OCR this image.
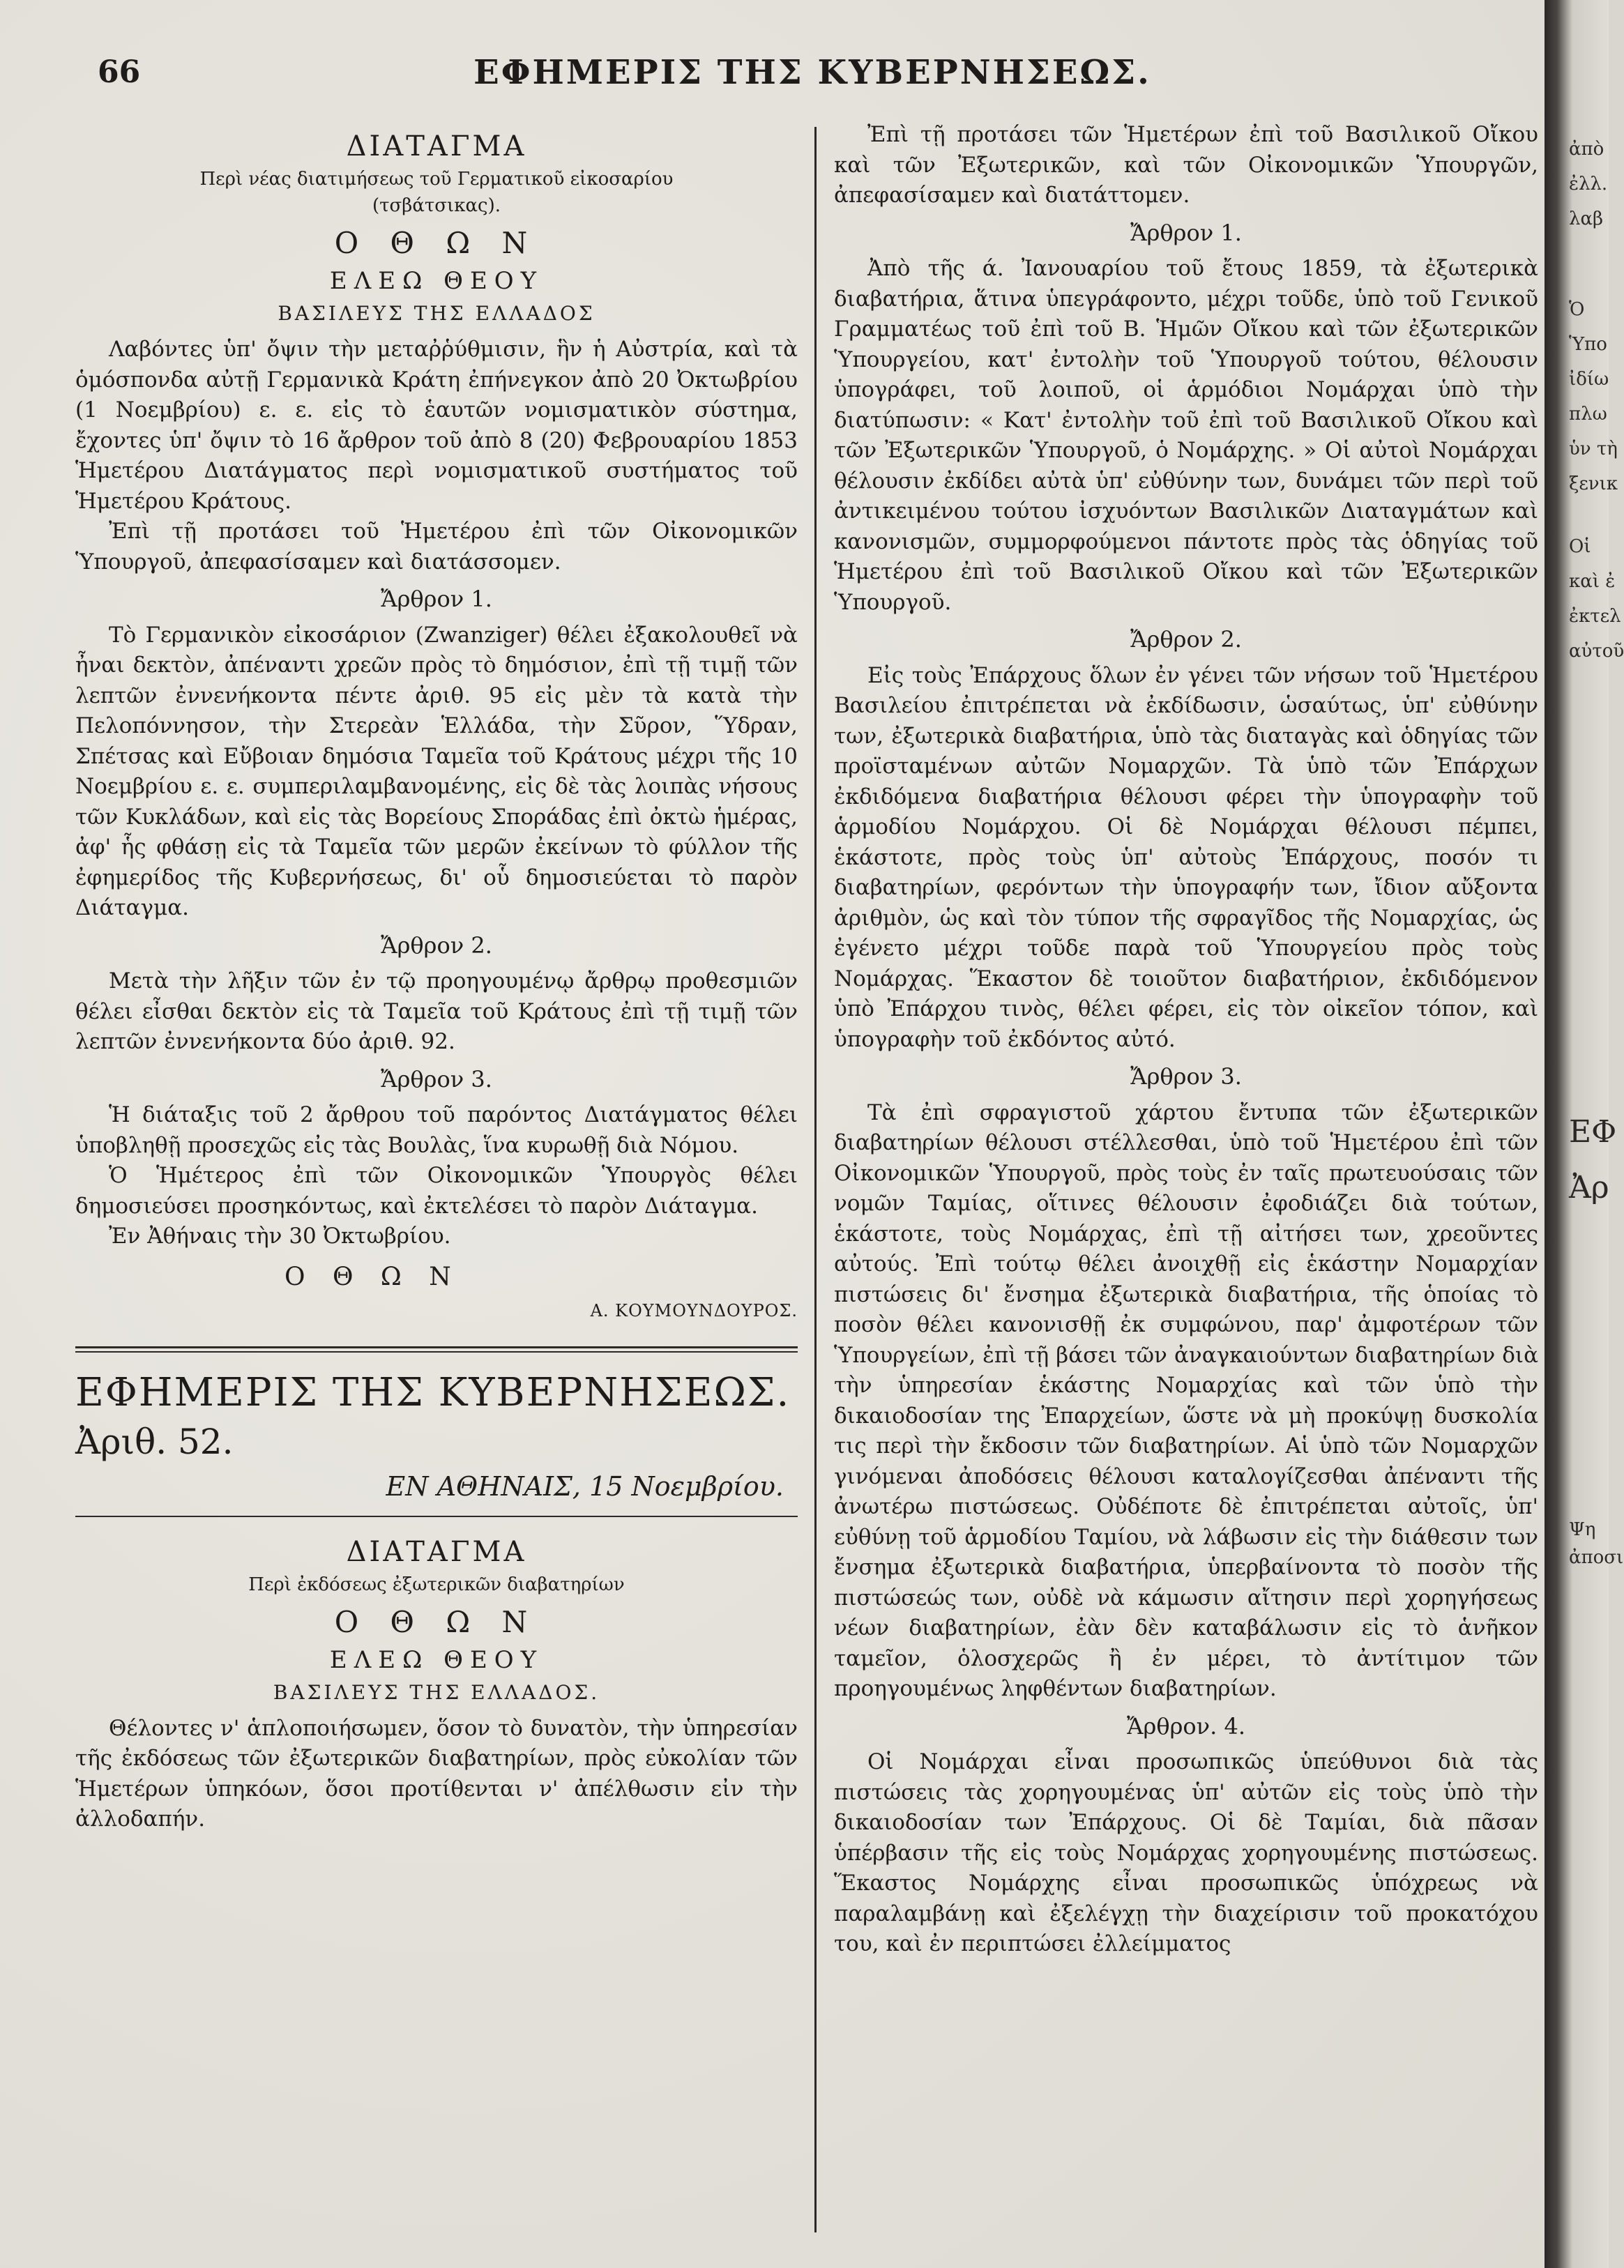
66	ΕΦΗΜΕΡΙΣ ΤΗΣ ΚΥΒΕΡΝΗΣΕΩΣ.
ΔΙΑΤΑΓΜΑ
Περὶ νέας διατιμήσεως τοῦ Γερματικοῦ εἰκοσαρίου (τσβάτσικας).
Ο Θ Ω Ν
ΕΛΕΩ ΘΕΟΥ
ΒΑΣΙΛΕΥΣ ΤΗΣ ΕΛΛΑΔΟΣ

Λαβόντες ὑπ' ὄψιν τὴν μεταῤῥύθμισιν, ἣν ἡ Αὐστρία, καὶ τὰ ὁμόσπονδα αὐτῇ Γερμανικὰ Κράτη ἐπήνεγκον ἀπὸ 20 Ὀκτωβρίου (1 Νοεμβρίου) ε. ε. εἰς τὸ ἑαυτῶν νομισματικὸν σύστημα, ἔχοντες ὑπ' ὄψιν τὸ 16 ἄρθρον τοῦ ἀπὸ 8 (20) Φεβρουαρίου 1853 Ἡμετέρου Διατάγματος περὶ νομισματικοῦ συστήματος τοῦ Ἡμετέρου Κράτους.

Ἐπὶ τῇ προτάσει τοῦ Ἡμετέρου ἐπὶ τῶν Οἰκονομικῶν Ὑπουργοῦ, ἀπεφασίσαμεν καὶ διατάσσομεν.

Ἄρθρον 1.

Τὸ Γερμανικὸν εἰκοσάριον (Zwanziger) θέλει ἐξακολουθεῖ νὰ ἦναι δεκτὸν, ἀπέναντι χρεῶν πρὸς τὸ δημόσιον, ἐπὶ τῇ τιμῇ τῶν λεπτῶν ἐννενήκοντα πέντε ἀριθ. 95 εἰς μὲν τὰ κατὰ τὴν Πελοπόννησον, τὴν Στερεὰν Ἑλλάδα, τὴν Σῦρον, Ὕδραν, Σπέτσας καὶ Εὔβοιαν δημόσια Ταμεῖα τοῦ Κράτους μέχρι τῆς 10 Νοεμβρίου ε. ε. συμπεριλαμβανομένης, εἰς δὲ τὰς λοιπὰς νήσους τῶν Κυκλάδων, καὶ εἰς τὰς Βορείους Σποράδας ἐπὶ ὀκτὼ ἡμέρας, ἀφ' ἧς φθάσῃ εἰς τὰ Ταμεῖα τῶν μερῶν ἐκείνων τὸ φύλλον τῆς ἐφημερίδος τῆς Κυβερνήσεως, δι' οὗ δημοσιεύεται τὸ παρὸν Διάταγμα.

Ἄρθρον 2.

Μετὰ τὴν λῆξιν τῶν ἐν τῷ προηγουμένῳ ἄρθρῳ προθεσμιῶν θέλει εἶσθαι δεκτὸν εἰς τὰ Ταμεῖα τοῦ Κράτους ἐπὶ τῇ τιμῇ τῶν λεπτῶν ἐννενήκοντα δύο ἀριθ. 92.

Ἄρθρον 3.

Ἡ διάταξις τοῦ 2 ἄρθρου τοῦ παρόντος Διατάγματος θέλει ὑποβληθῇ προσεχῶς εἰς τὰς Βουλὰς, ἵνα κυρωθῇ διὰ Νόμου.

Ὁ Ἡμέτερος ἐπὶ τῶν Οἰκονομικῶν Ὑπουργὸς θέλει δημοσιεύσει προσηκόντως, καὶ ἐκτελέσει τὸ παρὸν Διάταγμα.

Ἐν Ἀθήναις τὴν 30 Ὀκτωβρίου.

Ο Θ Ω Ν
Α. ΚΟΥΜΟΥΝΔΟΥΡΟΣ.
ΕΦΗΜΕΡΙΣ ΤΗΣ ΚΥΒΕΡΝΗΣΕΩΣ.
Ἀριθ. 52.
ΕΝ ΑΘΗΝΑΙΣ, 15 Νοεμβρίου.
ΔΙΑΤΑΓΜΑ
Περὶ ἐκδόσεως ἐξωτερικῶν διαβατηρίων
Ο Θ Ω Ν
ΕΛΕΩ ΘΕΟΥ
ΒΑΣΙΛΕΥΣ ΤΗΣ ΕΛΛΑΔΟΣ.

Θέλοντες ν' ἁπλοποιήσωμεν, ὅσον τὸ δυνατὸν, τὴν ὑπηρεσίαν τῆς ἐκδόσεως τῶν ἐξωτερικῶν διαβατηρίων, πρὸς εὐκολίαν τῶν Ἡμετέρων ὑπηκόων, ὅσοι προτίθενται ν' ἀπέλθωσιν εἰν τὴν ἀλλοδαπήν.

Ἐπὶ τῇ προτάσει τῶν Ἡμετέρων ἐπὶ τοῦ Βασιλικοῦ Οἴκου καὶ τῶν Ἐξωτερικῶν, καὶ τῶν Οἰκονομικῶν Ὑπουργῶν, ἀπεφασίσαμεν καὶ διατάττομεν.

Ἄρθρον 1.

Ἀπὸ τῆς ά. Ἰανουαρίου τοῦ ἔτους 1859, τὰ ἐξωτερικὰ διαβατήρια, ἅτινα ὑπεγράφοντο, μέχρι τοῦδε, ὑπὸ τοῦ Γενικοῦ Γραμματέως τοῦ ἐπὶ τοῦ Β. Ἡμῶν Οἴκου καὶ τῶν ἐξωτερικῶν Ὑπουργείου, κατ' ἐντολὴν τοῦ Ὑπουργοῦ τούτου, θέλουσιν ὑπογράφει, τοῦ λοιποῦ, οἱ ἁρμόδιοι Νομάρχαι ὑπὸ τὴν διατύπωσιν: « Κατ' ἐντολὴν τοῦ ἐπὶ τοῦ Βασιλικοῦ Οἴκου καὶ τῶν Ἐξωτερικῶν Ὑπουργοῦ, ὁ Νομάρχης. » Οἱ αὐτοὶ Νομάρχαι θέλουσιν ἐκδίδει αὐτὰ ὑπ' εὐθύνην των, δυνάμει τῶν περὶ τοῦ ἀντικειμένου τούτου ἰσχυόντων Βασιλικῶν Διαταγμάτων καὶ κανονισμῶν, συμμορφούμενοι πάντοτε πρὸς τὰς ὁδηγίας τοῦ Ἡμετέρου ἐπὶ τοῦ Βασιλικοῦ Οἴκου καὶ τῶν Ἐξωτερικῶν Ὑπουργοῦ.

Ἄρθρον 2.

Εἰς τοὺς Ἐπάρχους ὅλων ἐν γένει τῶν νήσων τοῦ Ἡμετέρου Βασιλείου ἐπιτρέπεται νὰ ἐκδίδωσιν, ὡσαύτως, ὑπ' εὐθύνην των, ἐξωτερικὰ διαβατήρια, ὑπὸ τὰς διαταγὰς καὶ ὁδηγίας τῶν προϊσταμένων αὐτῶν Νομαρχῶν. Τὰ ὑπὸ τῶν Ἐπάρχων ἐκδιδόμενα διαβατήρια θέλουσι φέρει τὴν ὑπογραφὴν τοῦ ἁρμοδίου Νομάρχου. Οἱ δὲ Νομάρχαι θέλουσι πέμπει, ἑκάστοτε, πρὸς τοὺς ὑπ' αὐτοὺς Ἐπάρχους, ποσόν τι διαβατηρίων, φερόντων τὴν ὑπογραφήν των, ἴδιον αὔξοντα ἀριθμὸν, ὡς καὶ τὸν τύπον τῆς σφραγῖδος τῆς Νομαρχίας, ὡς ἐγένετο μέχρι τοῦδε παρὰ τοῦ Ὑπουργείου πρὸς τοὺς Νομάρχας. Ἕκαστον δὲ τοιοῦτον διαβατήριον, ἐκδιδόμενον ὑπὸ Ἐπάρχου τινὸς, θέλει φέρει, εἰς τὸν οἰκεῖον τόπον, καὶ ὑπογραφὴν τοῦ ἐκδόντος αὐτό.

Ἄρθρον 3.

Τὰ ἐπὶ σφραγιστοῦ χάρτου ἔντυπα τῶν ἐξωτερικῶν διαβατηρίων θέλουσι στέλλεσθαι, ὑπὸ τοῦ Ἡμετέρου ἐπὶ τῶν Οἰκονομικῶν Ὑπουργοῦ, πρὸς τοὺς ἐν ταῖς πρωτευούσαις τῶν νομῶν Ταμίας, οἵτινες θέλουσιν ἐφοδιάζει διὰ τούτων, ἑκάστοτε, τοὺς Νομάρχας, ἐπὶ τῇ αἰτήσει των, χρεοῦντες αὐτούς. Ἐπὶ τούτῳ θέλει ἀνοιχθῇ εἰς ἑκάστην Νομαρχίαν πιστώσεις δι' ἔνσημα ἐξωτερικὰ διαβατήρια, τῆς ὁποίας τὸ ποσὸν θέλει κανονισθῇ ἐκ συμφώνου, παρ' ἀμφοτέρων τῶν Ὑπουργείων, ἐπὶ τῇ βάσει τῶν ἀναγκαιούντων διαβατηρίων διὰ τὴν ὑπηρεσίαν ἑκάστης Νομαρχίας καὶ τῶν ὑπὸ τὴν δικαιοδοσίαν της Ἐπαρχείων, ὥστε νὰ μὴ προκύψῃ δυσκολία τις περὶ τὴν ἔκδοσιν τῶν διαβατηρίων. Αἱ ὑπὸ τῶν Νομαρχῶν γινόμεναι ἀποδόσεις θέλουσι καταλογίζεσθαι ἀπέναντι τῆς ἀνωτέρω πιστώσεως. Οὐδέποτε δὲ ἐπιτρέπεται αὐτοῖς, ὑπ' εὐθύνῃ τοῦ ἁρμοδίου Ταμίου, νὰ λάβωσιν εἰς τὴν διάθεσιν των ἔνσημα ἐξωτερικὰ διαβατήρια, ὑπερβαίνοντα τὸ ποσὸν τῆς πιστώσεώς των, οὐδὲ νὰ κάμωσιν αἴτησιν περὶ χορηγήσεως νέων διαβατηρίων, ἐὰν δὲν καταβάλωσιν εἰς τὸ ἁνῆκον ταμεῖον, ὁλοσχερῶς ἢ ἐν μέρει, τὸ ἀντίτιμον τῶν προηγουμένως ληφθέντων διαβατηρίων.

Ἄρθρον. 4.

Οἱ Νομάρχαι εἶναι προσωπικῶς ὑπεύθυνοι διὰ τὰς πιστώσεις τὰς χορηγουμένας ὑπ' αὐτῶν εἰς τοὺς ὑπὸ τὴν δικαιοδοσίαν των Ἐπάρχους. Οἱ δὲ Ταμίαι, διὰ πᾶσαν ὑπέρβασιν τῆς εἰς τοὺς Νομάρχας χορηγουμένης πιστώσεως. Ἕκαστος Νομάρχης εἶναι προσωπικῶς ὑπόχρεως νὰ παραλαμβάνῃ καὶ ἐξελέγχῃ τὴν διαχείρισιν τοῦ προκατόχου του, καὶ ἐν περιπτώσει ἐλλείμματος

ἀπὸ
ἐλλ.
λαβ
Ὁ
Ὑπο
ἰδίω
πλω
ὑν τὴ
ξενικ
Οἱ
καὶ ἐ
ἐκτελ
αὐτοῦ
ΕΦ
Ἀρ
Ψη
ἀποσι
